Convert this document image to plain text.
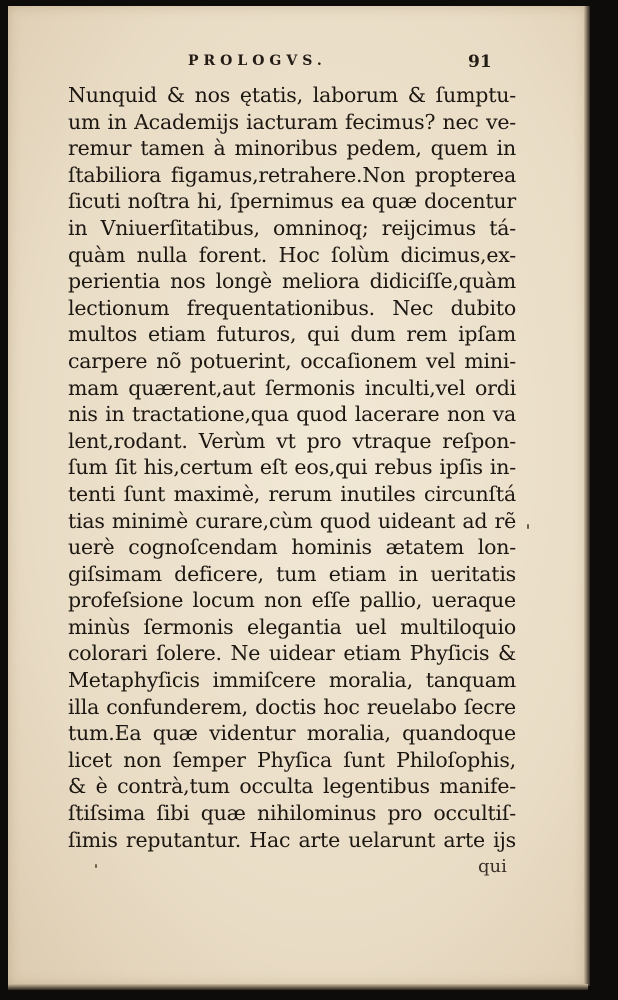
PROLOGVS.	91
Nunquid & nos ętatis, laborum & ſumptu-
um in Academijs iacturam fecimus? nec ve-
remur tamen à minoribus pedem, quem in
ſtabiliora figamus,retrahere.Non propterea
ſicuti noſtra hi, ſpernimus ea quæ docentur
in Vniuerſitatibus, omninoq; reijcimus tá-
quàm nulla forent. Hoc ſolùm dicimus,ex-
perientia nos longè meliora didiciſſe,quàm
lectionum frequentationibus. Nec dubito
multos etiam futuros, qui dum rem ipſam
carpere nõ potuerint, occaſionem vel mini-
mam quærent,aut ſermonis inculti,vel ordi
nis in tractatione,qua quod lacerare non va
lent,rodant. Verùm vt pro vtraque reſpon-
ſum ſit his,certum eſt eos,qui rebus ipſis in-
tenti ſunt maximè, rerum inutiles circunſtá
tias minimè curare,cùm quod uideant ad rẽ
uerè cognoſcendam hominis ætatem lon-
giſsimam deficere, tum etiam in ueritatis
profeſsione locum non eſſe pallio, ueraque
minùs ſermonis elegantia uel multiloquio
colorari ſolere. Ne uidear etiam Phyſicis &
Metaphyſicis immiſcere moralia, tanquam
illa confunderem, doctis hoc reuelabo ſecre
tum.Ea quæ videntur moralia, quandoque
licet non ſemper Phyſica ſunt Philoſophis,
& è contrà,tum occulta legentibus manife-
ſtiſsima ſibi quæ nihilominus pro occultiſ-
ſimis reputantur. Hac arte uelarunt arte ijs
qui
